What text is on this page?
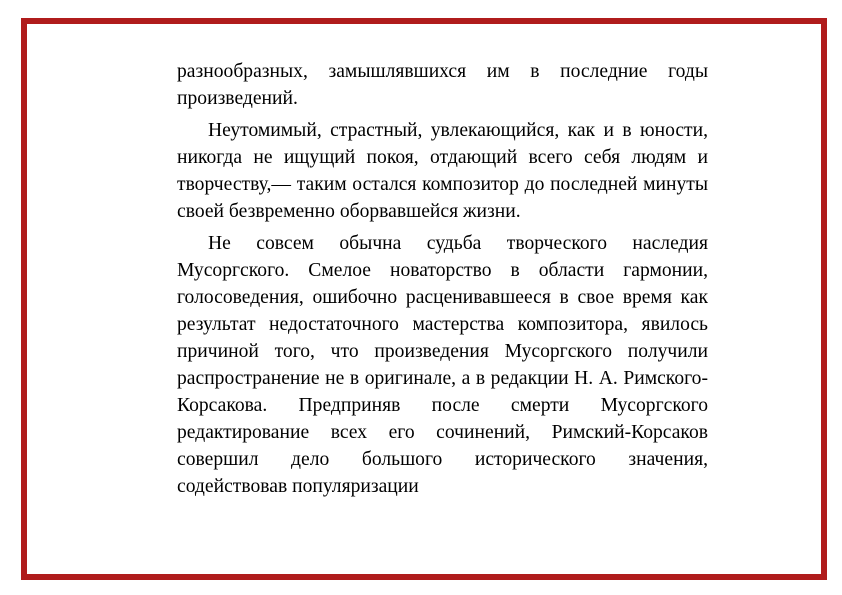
разнообразных, замышлявшихся им в последние годы произведений.

Неутомимый, страстный, увлекающийся, как и в юности, никогда не ищущий покоя, отдающий всего себя людям и творчеству,— таким остался композитор до последней минуты своей безвременно оборвавшейся жизни.

Не совсем обычна судьба творческого наследия Мусоргского. Смелое новаторство в области гармонии, голосоведения, ошибочно расценивавшееся в свое время как результат недостаточного мастерства композитора, явилось причиной того, что произведения Мусоргского получили распространение не в оригинале, а в редакции Н. А. Римского-Корсакова. Предприняв после смерти Мусоргского редактирование всех его сочинений, Римский-Корсаков совершил дело большого исторического значения, содействовав популяризации
